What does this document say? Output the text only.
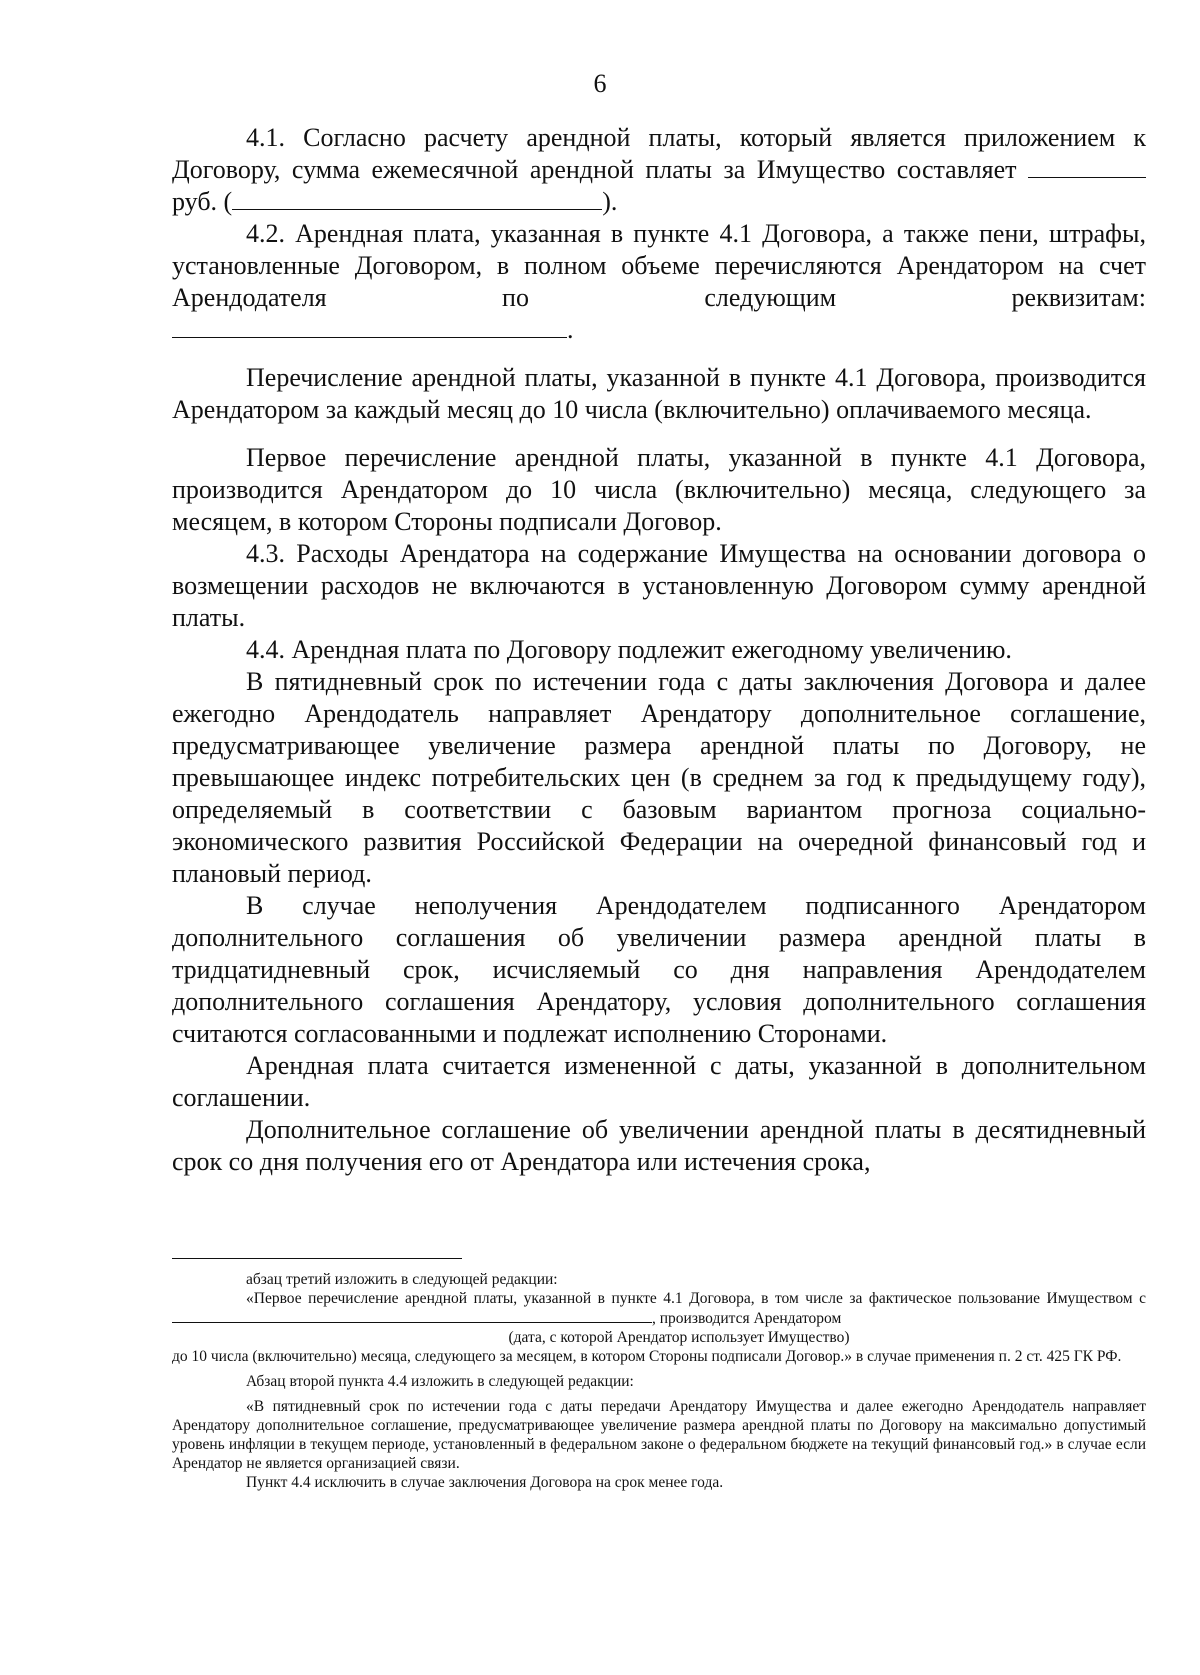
6

4.1. Согласно расчету арендной платы, который является приложением к Договору, сумма ежемесячной арендной платы за Имущество составляет  руб. (	).

4.2. Арендная плата, указанная в пункте 4.1 Договора, а также пени, штрафы, установленные Договором, в полном объеме перечисляются Арендатором на счет Арендодателя по следующим реквизитам:

.

Перечисление арендной платы, указанной в пункте 4.1 Договора, производится Арендатором за каждый месяц до 10 числа (включительно) оплачиваемого месяца.

Первое перечисление арендной платы, указанной в пункте 4.1 Договора, производится Арендатором до 10 числа (включительно) месяца, следующего за месяцем, в котором Стороны подписали Договор.

4.3. Расходы Арендатора на содержание Имущества на основании договора о возмещении расходов не включаются в установленную Договором сумму арендной платы.

4.4. Арендная плата по Договору подлежит ежегодному увеличению.

В пятидневный срок по истечении года с даты заключения Договора и далее ежегодно Арендодатель направляет Арендатору дополнительное соглашение, предусматривающее увеличение размера арендной платы по Договору, не превышающее индекс потребительских цен (в среднем за год к предыдущему году), определяемый в соответствии с базовым вариантом прогноза социально-экономического развития Российской Федерации на очередной финансовый год и плановый период.

В случае неполучения Арендодателем подписанного Арендатором дополнительного соглашения об увеличении размера арендной платы в тридцатидневный срок, исчисляемый со дня направления Арендодателем дополнительного соглашения Арендатору, условия дополнительного соглашения считаются согласованными и подлежат исполнению Сторонами.

Арендная плата считается измененной с даты, указанной в дополнительном соглашении.

Дополнительное соглашение об увеличении арендной платы в десятидневный срок со дня получения его от Арендатора или истечения срока,

абзац третий изложить в следующей редакции:

«Первое перечисление арендной платы, указанной в пункте 4.1 Договора, в том числе за фактическое пользование Имуществом с , производится Арендатором

(дата, с которой Арендатор использует Имущество)

до 10 числа (включительно) месяца, следующего за месяцем, в котором Стороны подписали Договор.» в случае применения п. 2 ст. 425 ГК РФ.

Абзац второй пункта 4.4 изложить в следующей редакции:

«В пятидневный срок по истечении года с даты передачи Арендатору Имущества и далее ежегодно Арендодатель направляет Арендатору дополнительное соглашение, предусматривающее увеличение размера арендной платы по Договору на максимально допустимый уровень инфляции в текущем периоде, установленный в федеральном законе о федеральном бюджете на текущий финансовый год.» в случае если Арендатор не является организацией связи.

Пункт 4.4 исключить в случае заключения Договора на срок менее года.
